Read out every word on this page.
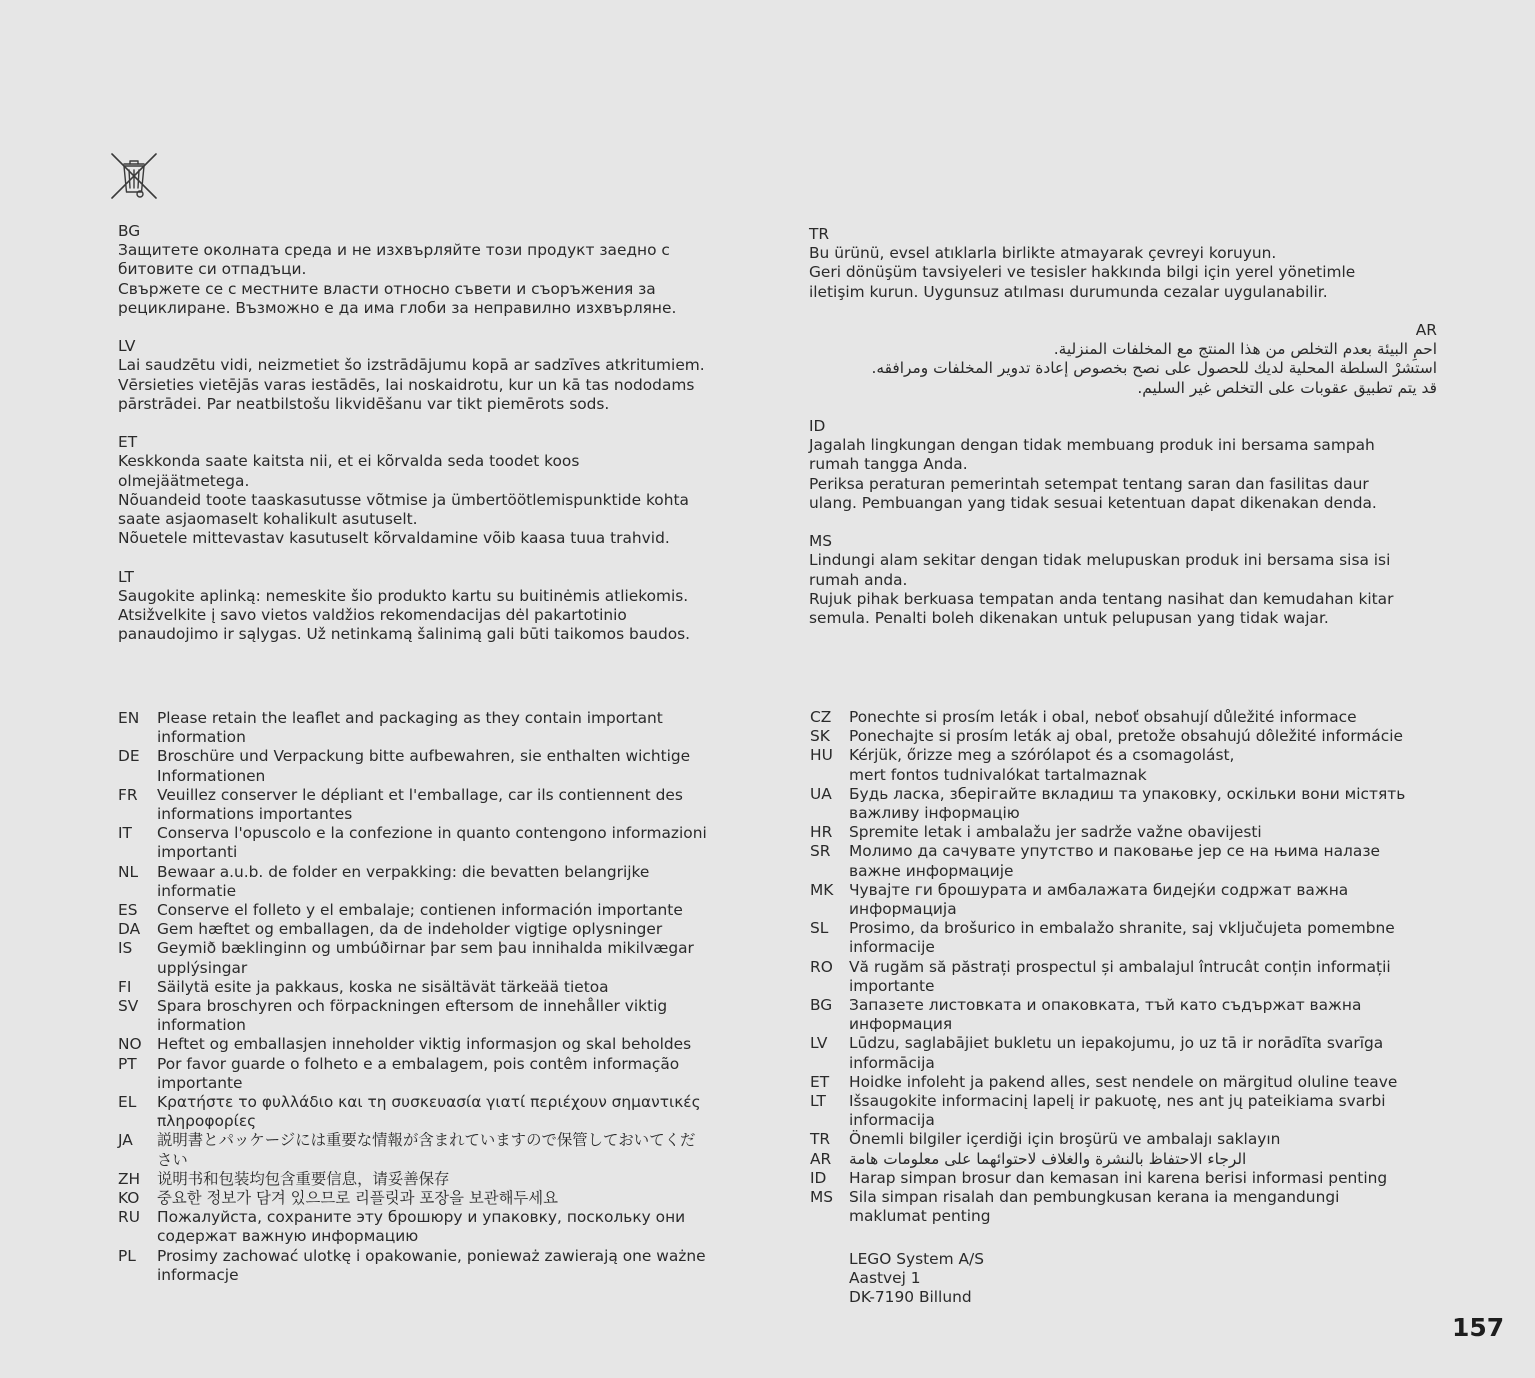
BG
Защитете околната среда и не изхвърляйте този продукт заедно с
битовите си отпадъци.
Свържете се с местните власти относно съвети и съоръжения за
рециклиране. Възможно е да има глоби за неправилно изхвърляне.
LV
Lai saudzētu vidi, neizmetiet šo izstrādājumu kopā ar sadzīves atkritumiem.
Vērsieties vietējās varas iestādēs, lai noskaidrotu, kur un kā tas nododams
pārstrādei. Par neatbilstošu likvidēšanu var tikt piemērots sods.
ET
Keskkonda saate kaitsta nii, et ei kõrvalda seda toodet koos
olmejäätmetega.
Nõuandeid toote taaskasutusse võtmise ja ümbertöötlemispunktide kohta
saate asjaomaselt kohalikult asutuselt.
Nõuetele mittevastav kasutuselt kõrvaldamine võib kaasa tuua trahvid.
LT
Saugokite aplinką: nemeskite šio produkto kartu su buitinėmis atliekomis.
Atsižvelkite į savo vietos valdžios rekomendacijas dėl pakartotinio
panaudojimo ir sąlygas. Už netinkamą šalinimą gali būti taikomos baudos.
TR
Bu ürünü, evsel atıklarla birlikte atmayarak çevreyi koruyun.
Geri dönüşüm tavsiyeleri ve tesisler hakkında bilgi için yerel yönetimle
iletişim kurun. Uygunsuz atılması durumunda cezalar uygulanabilir.
AR
احمِ البيئة بعدم التخلص من هذا المنتج مع المخلفات المنزلية.
استشرْ السلطة المحلية لديك للحصول على نصح بخصوص إعادة تدوير المخلفات ومرافقه.
قد يتم تطبيق عقوبات على التخلص غير السليم.
ID
Jagalah lingkungan dengan tidak membuang produk ini bersama sampah
rumah tangga Anda.
Periksa peraturan pemerintah setempat tentang saran dan fasilitas daur
ulang. Pembuangan yang tidak sesuai ketentuan dapat dikenakan denda.
MS
Lindungi alam sekitar dengan tidak melupuskan produk ini bersama sisa isi
rumah anda.
Rujuk pihak berkuasa tempatan anda tentang nasihat dan kemudahan kitar
semula. Penalti boleh dikenakan untuk pelupusan yang tidak wajar.
EN	Please retain the leaflet and packaging as they contain important
information
DE	Broschüre und Verpackung bitte aufbewahren, sie enthalten wichtige
Informationen
FR	Veuillez conserver le dépliant et l'emballage, car ils contiennent des
informations importantes
IT	Conserva l'opuscolo e la confezione in quanto contengono informazioni
importanti
NL	Bewaar a.u.b. de folder en verpakking: die bevatten belangrijke
informatie
ES	Conserve el folleto y el embalaje; contienen información importante
DA	Gem hæftet og emballagen, da de indeholder vigtige oplysninger
IS	Geymið bæklinginn og umbúðirnar þar sem þau innihalda mikilvægar
upplýsingar
FI	Säilytä esite ja pakkaus, koska ne sisältävät tärkeää tietoa
SV	Spara broschyren och förpackningen eftersom de innehåller viktig
information
NO Heftet og emballasjen inneholder viktig informasjon og skal beholdes
PT	Por favor guarde o folheto e a embalagem, pois contêm informação
importante
EL	Κρατήστε το φυλλάδιο και τη συσκευασία γιατί περιέχουν σημαντικές
πληροφορίες
JA	説明書とパッケージには重要な情報が含まれていますので保管しておいてくだ
さい
ZH	说明书和包装均包含重要信息，请妥善保存
KO	중요한 정보가 담겨 있으므로 리플릿과 포장을 보관해두세요
RU	Пожалуйста, сохраните эту брошюру и упаковку, поскольку они
содержат важную информацию
PL	Prosimy zachować ulotkę i opakowanie, ponieważ zawierają one ważne
informacje
CZ	Ponechte si prosím leták i obal, neboť obsahují důležité informace
SK	Ponechajte si prosím leták aj obal, pretože obsahujú dôležité informácie
HU	Kérjük, őrizze meg a szórólapot és a csomagolást,
mert fontos tudnivalókat tartalmaznak
UA	Будь ласка, зберігайте вкладиш та упаковку, оскільки вони містять
важливу інформацію
HR	Spremite letak i ambalažu jer sadrže važne obavijesti
SR	Молимо да сачувате упутство и паковање јер се на њима налазе
важне информације
MK	Чувајте ги брошурата и амбалажата бидејќи содржат важна
информација
SL	Prosimo, da brošurico in embalažo shranite, saj vključujeta pomembne
informacije
RO	Vă rugăm să păstrați prospectul și ambalajul întrucât conțin informații
importante
BG	Запазете листовката и опаковката, тъй като съдържат важна
информация
LV	Lūdzu, saglabājiet bukletu un iepakojumu, jo uz tā ir norādīta svarīga
informācija
ET	Hoidke infoleht ja pakend alles, sest nendele on märgitud oluline teave
LT	Išsaugokite informacinį lapelį ir pakuotę, nes ant jų pateikiama svarbi
informacija
TR	Önemli bilgiler içerdiği için broşürü ve ambalajı saklayın
AR	الرجاء الاحتفاظ بالنشرة والغلاف لاحتوائهما على معلومات هامة
ID	Harap simpan brosur dan kemasan ini karena berisi informasi penting
MS	Sila simpan risalah dan pembungkusan kerana ia mengandungi
maklumat penting
LEGO System A/S
Aastvej 1
DK-7190 Billund
157
